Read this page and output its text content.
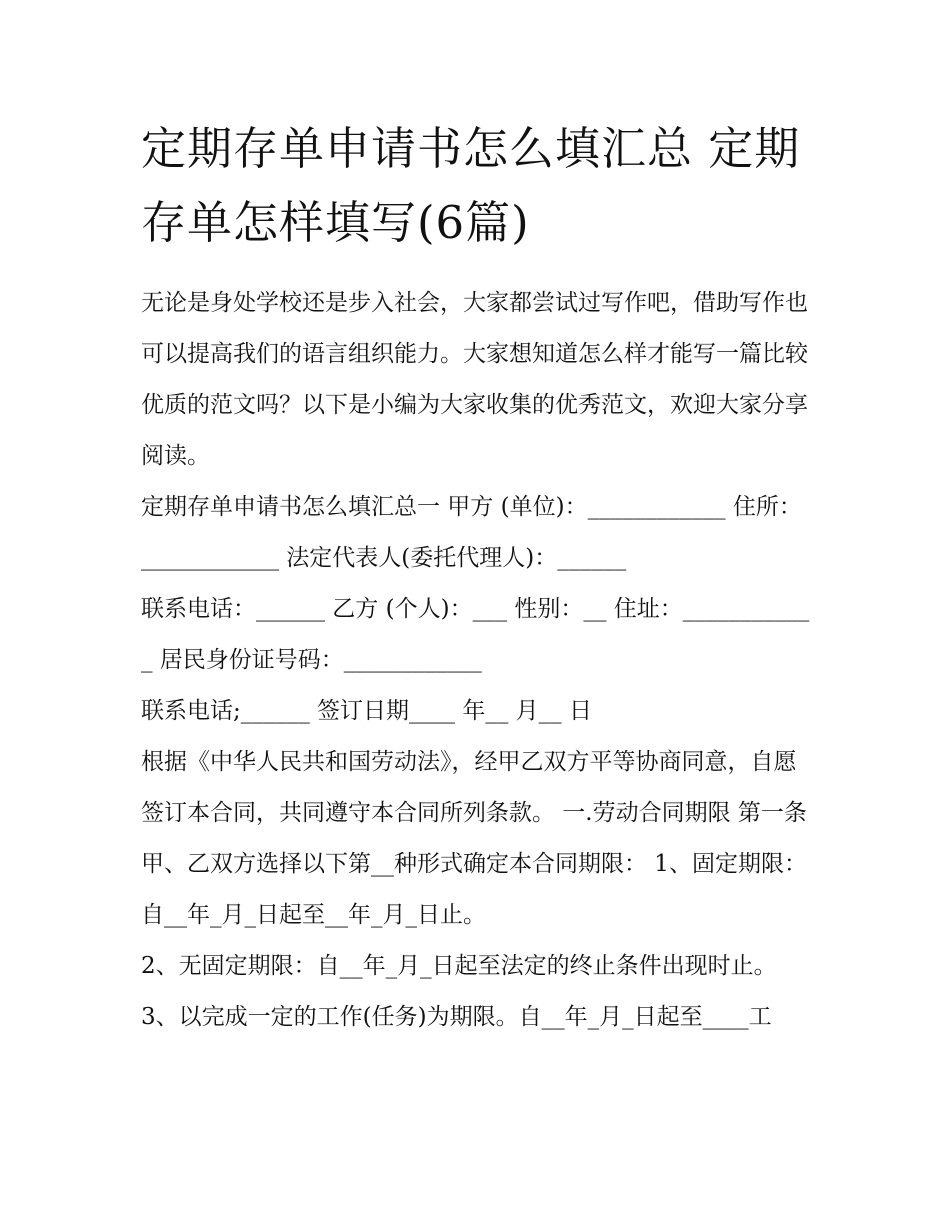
定期存单申请书怎么填汇总 定期存单怎样填写(6篇)

无论是身处学校还是步入社会，大家都尝试过写作吧，借助写作也可以提高我们的语言组织能力。大家想知道怎么样才能写一篇比较优质的范文吗？以下是小编为大家收集的优秀范文，欢迎大家分享阅读。

定期存单申请书怎么填汇总一 甲方 (单位)：____________ 住所：____________ 法定代表人(委托代理人)：______

联系电话：______ 乙方 (个人)：___ 性别：__ 住址：____________ 居民身份证号码：____________

联系电话;______ 签订日期____ 年__ 月__ 日

根据《中华人民共和国劳动法》，经甲乙双方平等协商同意，自愿签订本合同，共同遵守本合同所列条款。 一.劳动合同期限 第一条

甲、乙双方选择以下第__种形式确定本合同期限： 1、固定期限：自__年_月_日起至__年_月_日止。

2、无固定期限：自__年_月_日起至法定的终止条件出现时止。

3、以完成一定的工作(任务)为期限。自__年_月_日起至____工
